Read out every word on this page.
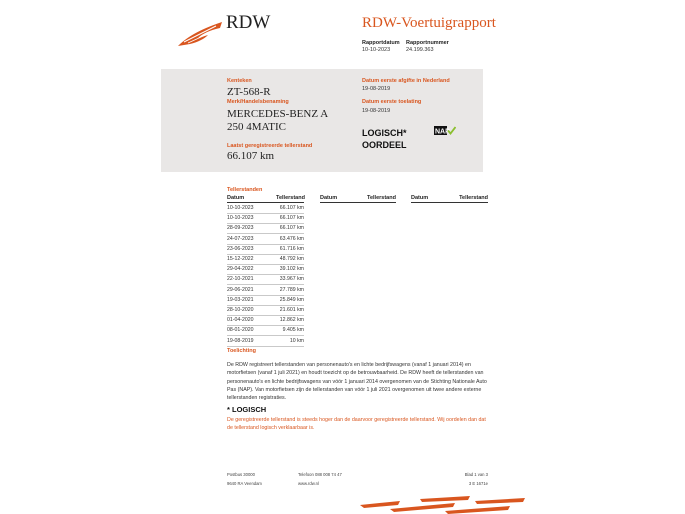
RDW	RDW-Voertuigrapport
Rapportdatum
10-10-2023
Rapportnummer
24.199.363
Kenteken
ZT-568-R
Merk/Handelsbenaming
MERCEDES-BENZ A
250 4MATIC
Laatst geregistreerde tellerstand
66.107 km
Datum eerste afgifte in Nederland
19-08-2019
Datum eerste toelating
19-08-2019
LOGISCH*
OORDEEL
NAP
Tellerstanden
Datum	Tellerstand	Datum	Tellerstand	Datum	Tellerstand
10-10-2023	66.107 km
10-10-2023	66.107 km
28-09-2023	66.107 km
24-07-2023	63.476 km
23-06-2023	61.716 km
15-12-2022	48.792 km
29-04-2022	39.102 km
22-10-2021	33.967 km
29-06-2021	27.789 km
19-03-2021	25.849 km
28-10-2020	21.601 km
01-04-2020	12.862 km
08-01-2020	9.405 km
19-08-2019	10 km
Toelichting
De RDW registreert tellerstanden van personenauto's en lichte bedrijfswagens (vanaf 1 januari 2014) en motorfietsen (vanaf 1 juli 2021) en houdt toezicht op de betrouwbaarheid. De RDW heeft de tellerstanden van personenauto's en lichte bedrijfswagens van vóór 1 januari 2014 overgenomen van de Stichting Nationale Auto Pas (NAP). Van motorfietsen zijn de tellerstanden van vóór 1 juli 2021 overgenomen uit twee andere externe tellerstanden registraties.
* LOGISCH
De geregistreerde tellerstand is steeds hoger dan de daarvoor geregistreerde tellerstand. Wij oordelen dan dat de tellerstand logisch verklaarbaar is.
Postbus 30000
9640 RA Veendam
Telefoon 088 008 74 47
www.rdw.nl
Blad 1 van 3
3 E 1671e
